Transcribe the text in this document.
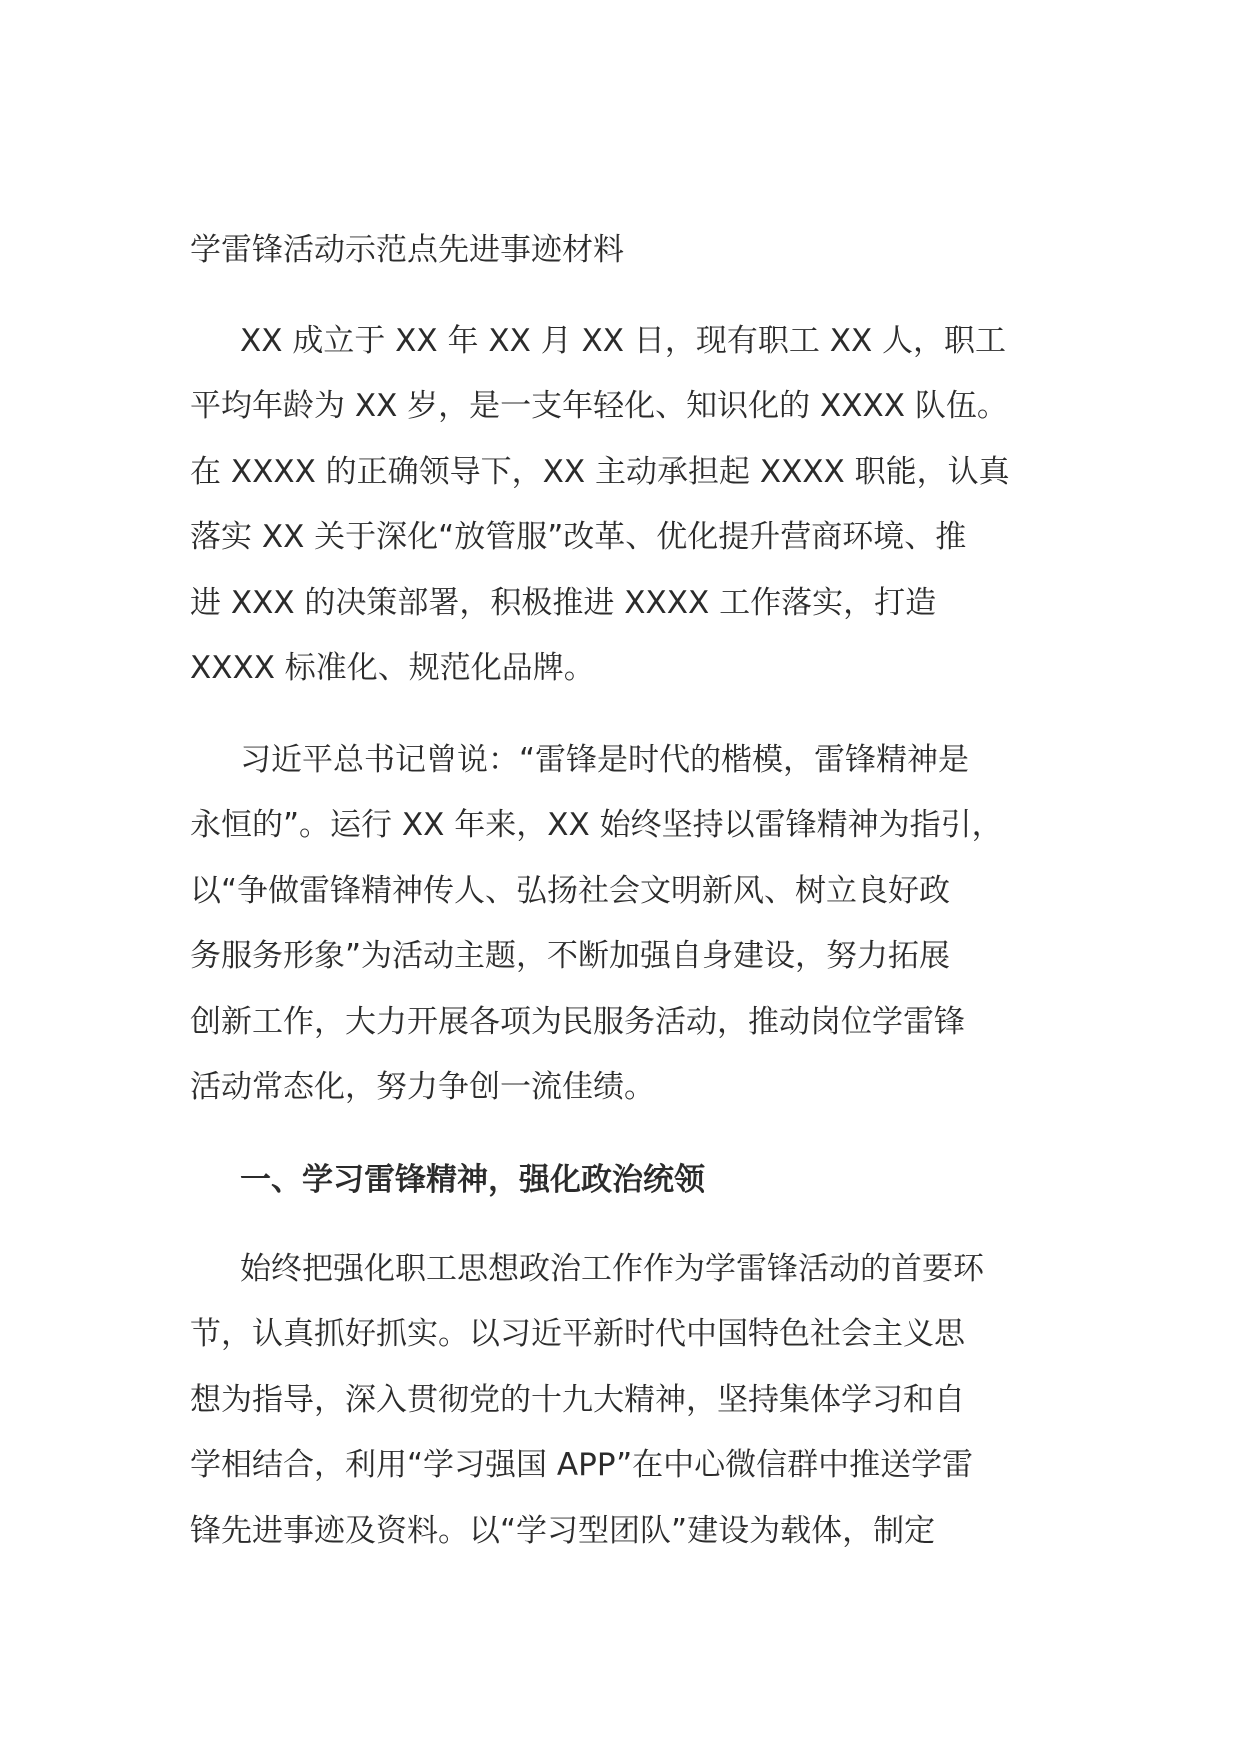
学雷锋活动示范点先进事迹材料
XX 成立于 XX 年 XX 月 XX 日，现有职工 XX 人，职工
平均年龄为 XX 岁，是一支年轻化、知识化的 XXXX 队伍。
在 XXXX 的正确领导下，XX 主动承担起 XXXX 职能，认真
落实 XX 关于深化“放管服”改革、优化提升营商环境、推
进 XXX 的决策部署，积极推进 XXXX 工作落实，打造
XXXX 标准化、规范化品牌。
习近平总书记曾说：“雷锋是时代的楷模，雷锋精神是
永恒的”。运行 XX 年来，XX 始终坚持以雷锋精神为指引，
以“争做雷锋精神传人、弘扬社会文明新风、树立良好政
务服务形象”为活动主题，不断加强自身建设，努力拓展
创新工作，大力开展各项为民服务活动，推动岗位学雷锋
活动常态化，努力争创一流佳绩。
一、学习雷锋精神，强化政治统领
始终把强化职工思想政治工作作为学雷锋活动的首要环
节，认真抓好抓实。以习近平新时代中国特色社会主义思
想为指导，深入贯彻党的十九大精神，坚持集体学习和自
学相结合，利用“学习强国 APP”在中心微信群中推送学雷
锋先进事迹及资料。以“学习型团队”建设为载体，制定
